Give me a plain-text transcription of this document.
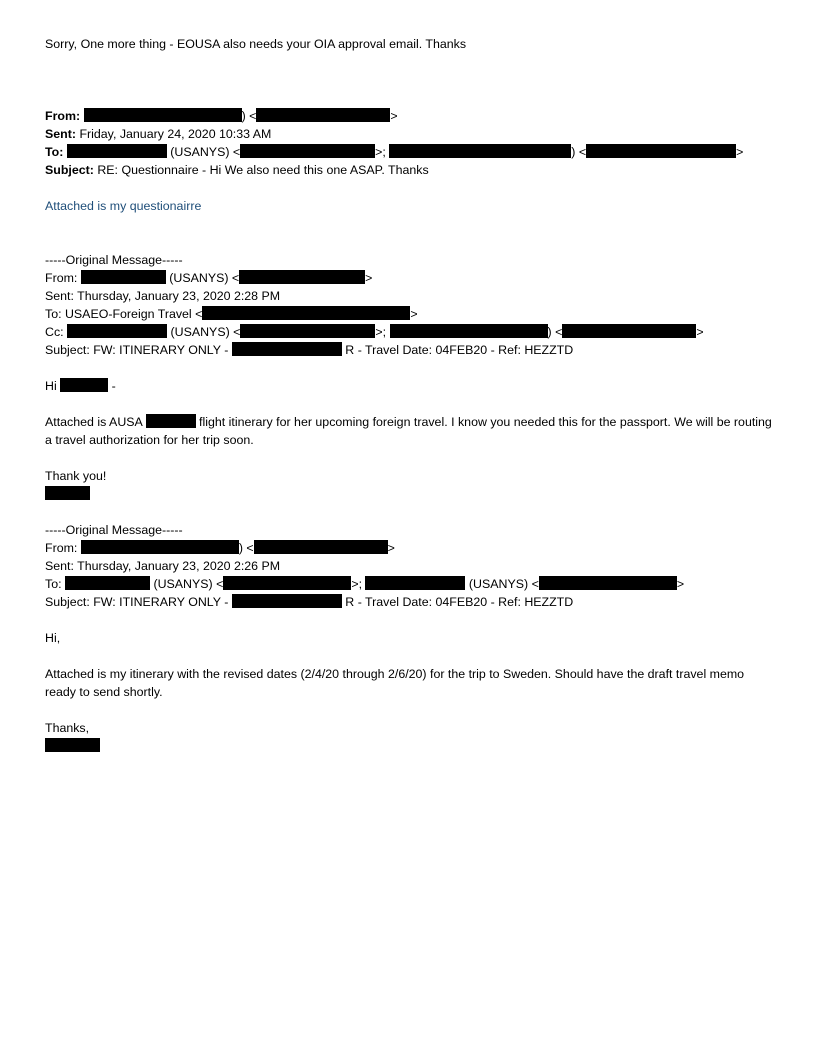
Sorry, One more thing - EOUSA also needs your OIA approval email. Thanks
From:	) <	>
Sent: Friday, January 24, 2020 10:33 AM
To:	(USANYS) <	>;	) <	>
Subject: RE: Questionnaire - Hi We also need this one ASAP. Thanks
Attached is my questionairre
-----Original Message-----
From:	(USANYS) <	>
Sent: Thursday, January 23, 2020 2:28 PM
To: USAEO-Foreign Travel <	>
Cc:	(USANYS) <	>;	) <	>
Subject: FW: ITINERARY ONLY -	R - Travel Date: 04FEB20 - Ref: HEZZTD
Hi	-
Attached is AUSA	flight itinerary for her upcoming foreign travel. I know you needed this for the passport. We will be routing a travel authorization for her trip soon.
Thank you!
-----Original Message-----
From:	) <	>
Sent: Thursday, January 23, 2020 2:26 PM
To:	(USANYS) <	>;	(USANYS) <	>
Subject: FW: ITINERARY ONLY -	R - Travel Date: 04FEB20 - Ref: HEZZTD
Hi,
Attached is my itinerary with the revised dates (2/4/20 through 2/6/20) for the trip to Sweden. Should have the draft travel memo ready to send shortly.
Thanks,
